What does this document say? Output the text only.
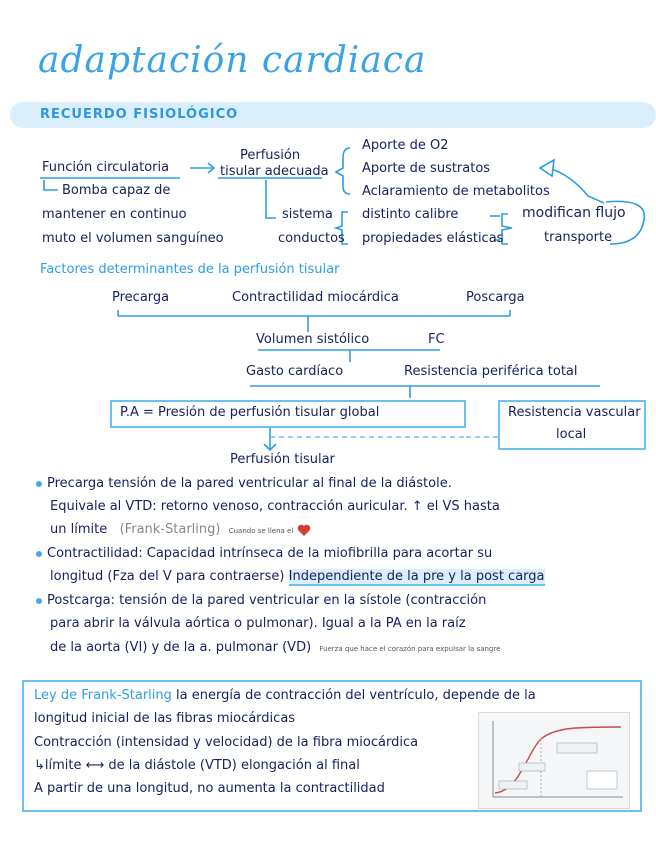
adaptación cardiaca
RECUERDO FISIOLÓGICO
Función circulatoria
Perfusión
tisular adecuada
Bomba capaz de
mantener en continuo
muto el volumen sanguíneo
Aporte de O2
Aporte de sustratos
Aclaramiento de metabolitos
sistema
conductos
distinto calibre
propiedades elásticas
modifican flujo
transporte
Factores determinantes de la perfusión tisular
Precarga	Contractilidad miocárdica	Poscarga
Volumen sistólico	FC
Gasto cardíaco	Resistencia periférica total
P.A = Presión de perfusión tisular global	Resistencia vascular
local
Perfusión tisular
Precarga tensión de la pared ventricular al final de la diástole.
Equivale al VTD: retorno venoso, contracción auricular. ↑ el VS hasta
un límite (Frank-Starling) Cuando se llena el
Contractilidad: Capacidad intrínseca de la miofibrilla para acortar su
longitud (Fza del V para contraerse) Independiente de la pre y la post carga
Postcarga: tensión de la pared ventricular en la sístole (contracción
para abrir la válvula aórtica o pulmonar). Igual a la PA en la raíz
de la aorta (VI) y de la a. pulmonar (VD) Fuerza que hace el corazón para expulsar la sangre
Ley de Frank-Starling la energía de contracción del ventrículo, depende de la
longitud inicial de las fibras miocárdicas
Contracción (intensidad y velocidad) de la fibra miocárdica
↳límite ⟷ de la diástole (VTD) elongación al final
A partir de una longitud, no aumenta la contractilidad
